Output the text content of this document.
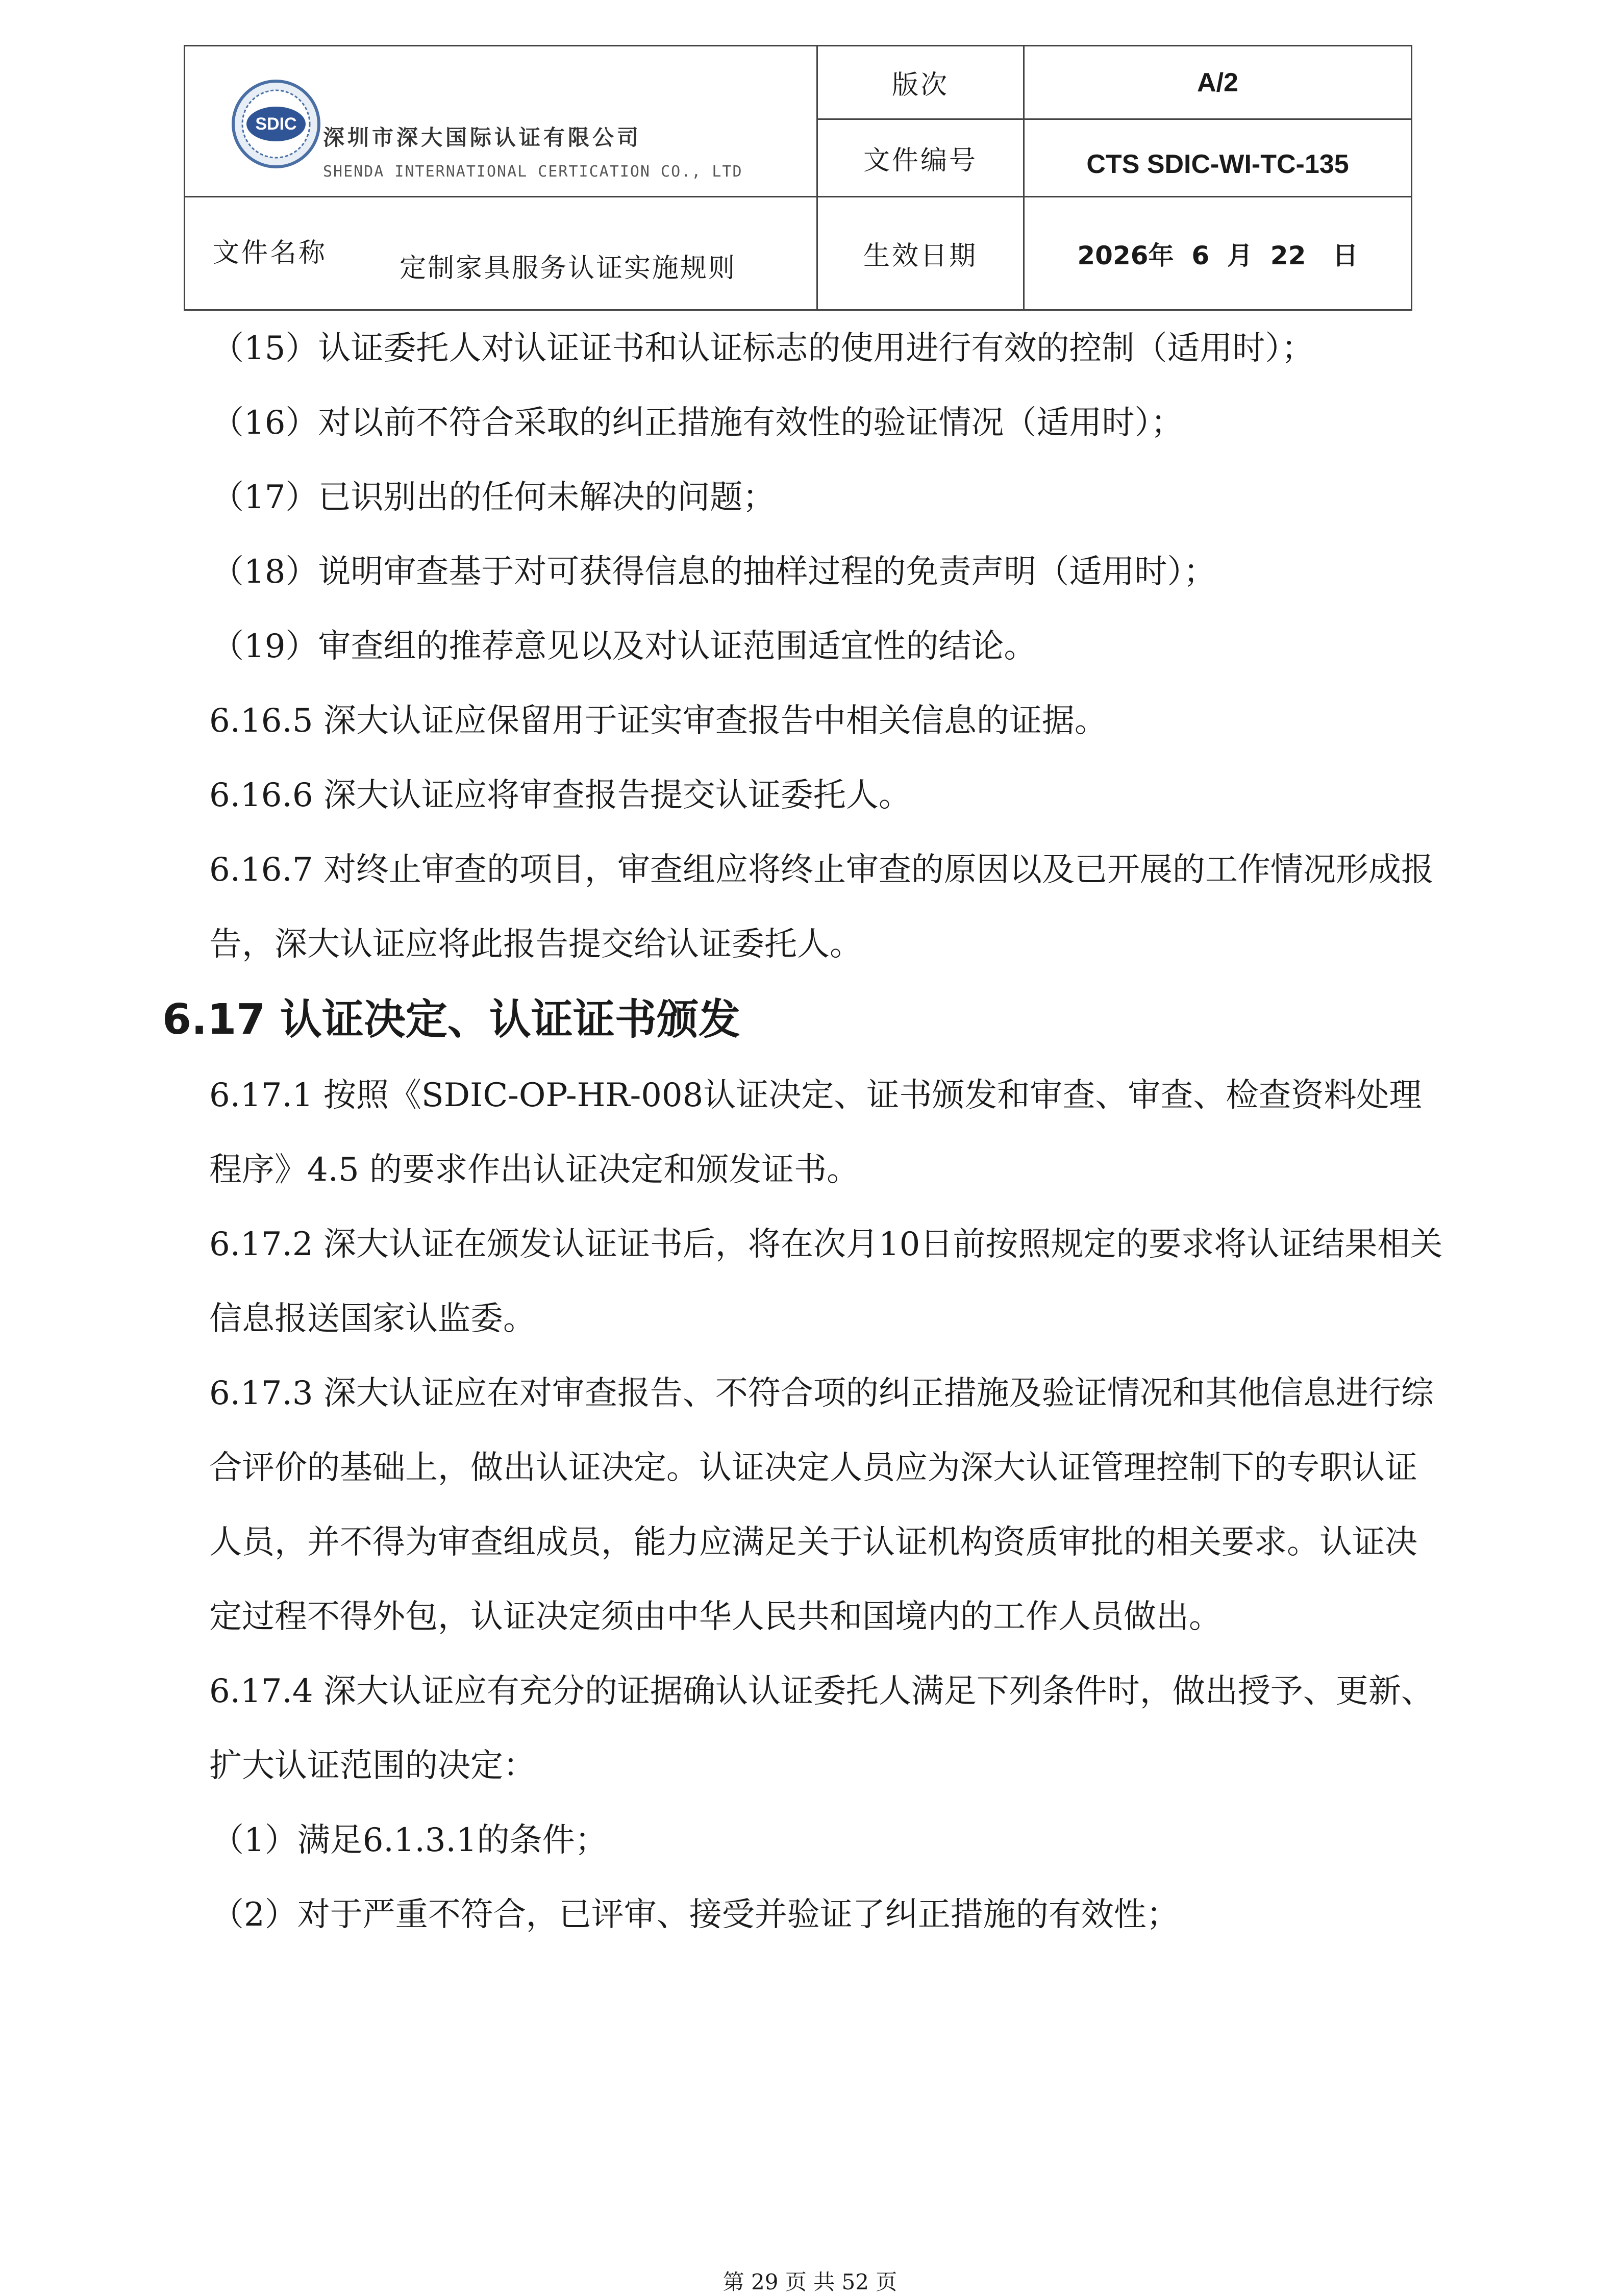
SDIC
深圳市深大国际认证有限公司
SHENDA INTERNATIONAL CERTICATION CO., LTD	版次	A/2
	文件编号	CTS SDIC-WI-TC-135

文件名称 定制家具服务认证实施规则	生效日期	2026年  6  月  22   日

（15）认证委托人对认证证书和认证标志的使用进行有效的控制（适用时）；

（16）对以前不符合采取的纠正措施有效性的验证情况（适用时）；

（17）已识别出的任何未解决的问题；

（18）说明审查基于对可获得信息的抽样过程的免责声明（适用时）；

（19）审查组的推荐意见以及对认证范围适宜性的结论。

6.16.5 深大认证应保留用于证实审查报告中相关信息的证据。

6.16.6 深大认证应将审查报告提交认证委托人。

6.16.7 对终止审查的项目，审查组应将终止审查的原因以及已开展的工作情况形成报告，深大认证应将此报告提交给认证委托人。

6.17 认证决定、认证证书颁发

6.17.1 按照《SDIC-OP-HR-008认证决定、证书颁发和审查、审查、检查资料处理程序》4.5 的要求作出认证决定和颁发证书。

6.17.2 深大认证在颁发认证证书后，将在次月10日前按照规定的要求将认证结果相关信息报送国家认监委。

6.17.3 深大认证应在对审查报告、不符合项的纠正措施及验证情况和其他信息进行综合评价的基础上，做出认证决定。认证决定人员应为深大认证管理控制下的专职认证人员，并不得为审查组成员，能力应满足关于认证机构资质审批的相关要求。认证决定过程不得外包，认证决定须由中华人民共和国境内的工作人员做出。

6.17.4 深大认证应有充分的证据确认认证委托人满足下列条件时，做出授予、更新、扩大认证范围的决定：

（1）满足6.1.3.1的条件；

（2）对于严重不符合，已评审、接受并验证了纠正措施的有效性；

第 29 页 共 52 页
